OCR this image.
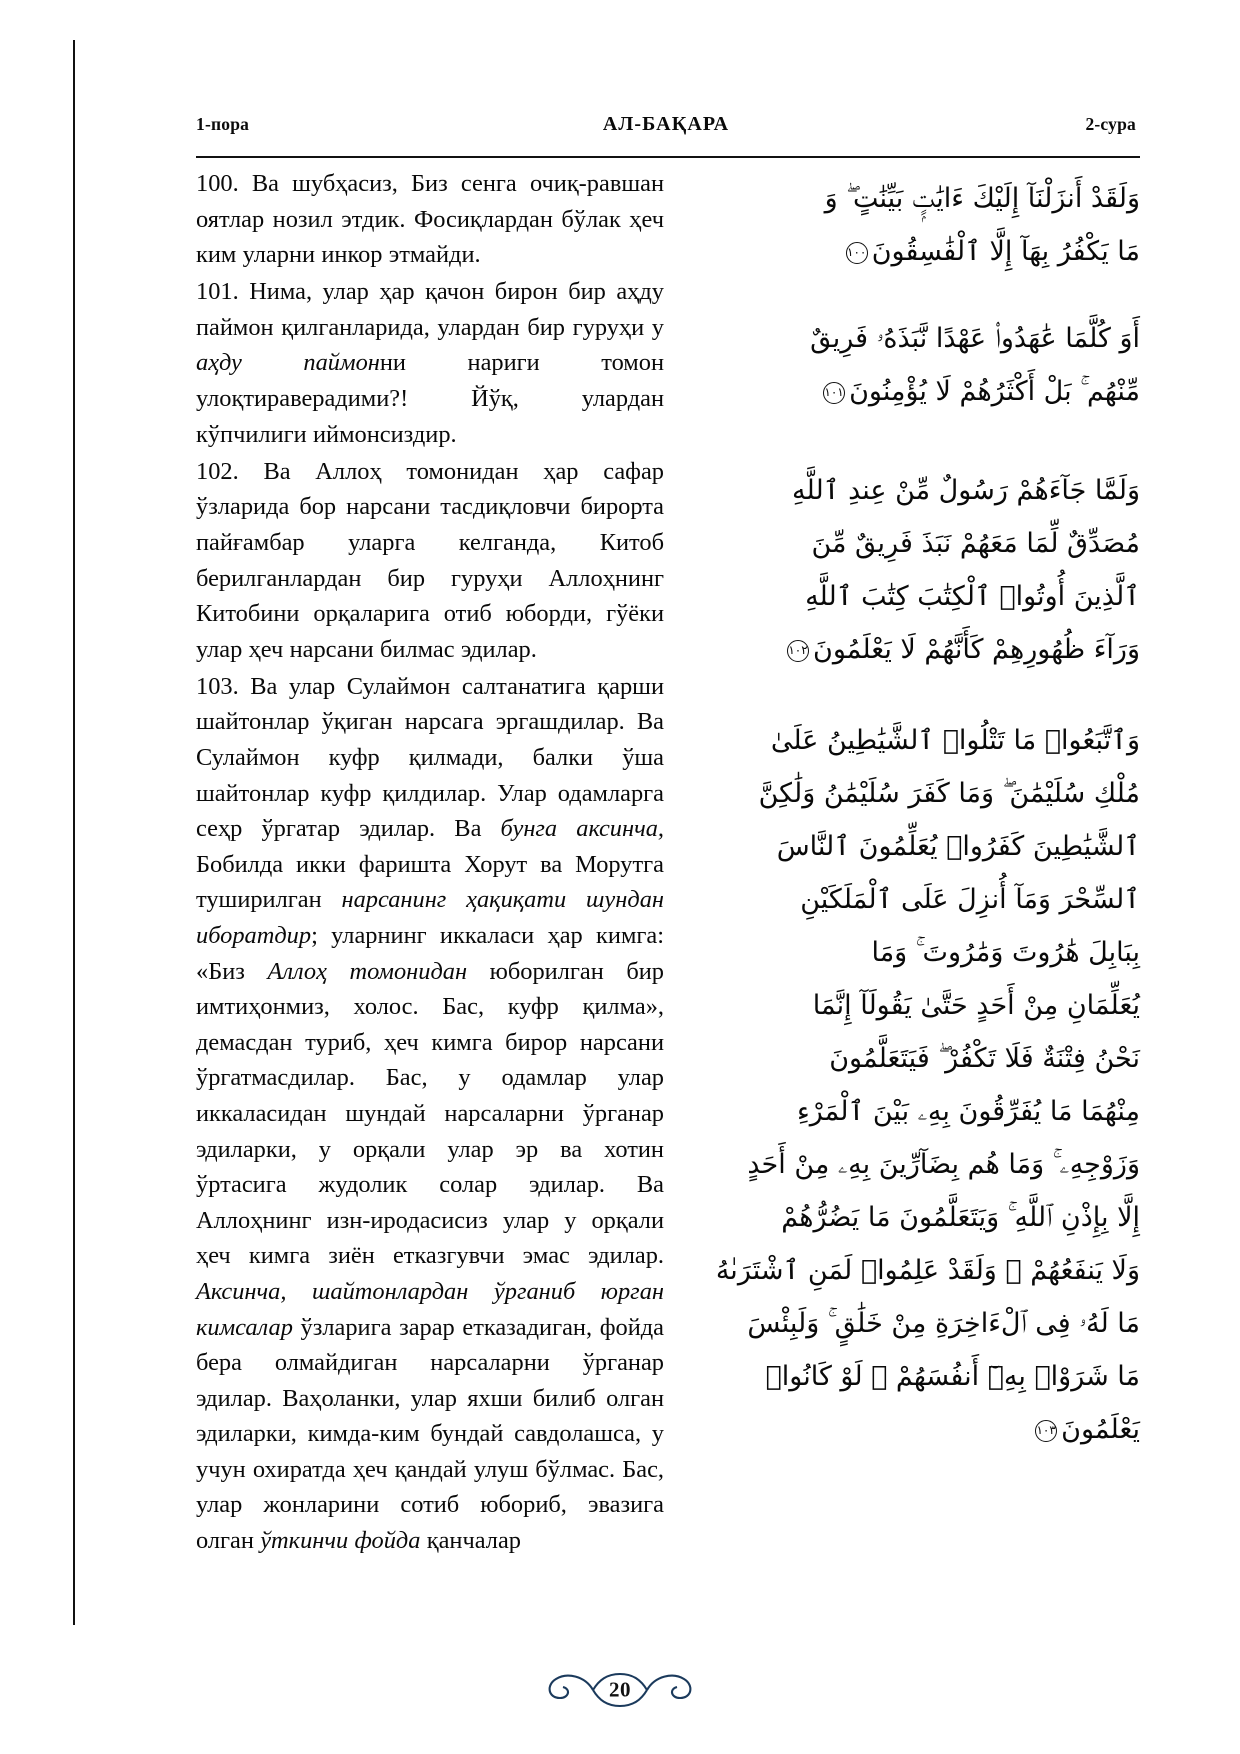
1-пора	АЛ-БАҚАРА	2-сура

100. Ва шубҳасиз, Биз сенга очиқ-равшан оятлар нозил этдик. Фосиқлардан бўлак ҳеч ким уларни инкор этмайди.

101. Нима, улар ҳар қачон бирон бир аҳду паймон қилганларида, улардан бир гуруҳи у аҳду паймонни нариги томон улоқтираверадими?! Йўқ, улардан кўпчилиги иймонсиздир.

102. Ва Аллоҳ томонидан ҳар сафар ўзларида бор нарсани тасдиқловчи бирорта пайғамбар уларга келганда, Китоб берилганлардан бир гуруҳи Аллоҳнинг Китобини орқаларига отиб юборди, гўёки улар ҳеч нарсани билмас эдилар.

103. Ва улар Сулаймон салтанатига қарши шайтонлар ўқиган нарсага эргашдилар. Ва Сулаймон куфр қилмади, балки ўша шайтонлар куфр қилдилар. Улар одамларга сеҳр ўргатар эдилар. Ва бунга аксинча, Бобилда икки фаришта Хорут ва Морутга туширилган нарсанинг ҳақиқати шундан иборатдир; уларнинг иккаласи ҳар кимга: «Биз Аллоҳ томонидан юборилган бир имтиҳонмиз, холос. Бас, куфр қилма», демасдан туриб, ҳеч кимга бирор нарсани ўргатмасдилар. Бас, у одамлар улар иккаласидан шундай нарсаларни ўрганар эдиларки, у орқали улар эр ва хотин ўртасига жудолик солар эдилар. Ва Аллоҳнинг изн-иродасисиз улар у орқали ҳеч кимга зиён етказгувчи эмас эдилар. Аксинча, шайтонлардан ўрганиб юрган кимсалар ўзларига зарар етказадиган, фойда бера олмайдиган нарсаларни ўрганар эдилар. Ваҳоланки, улар яхши билиб олган эдиларки, кимда-ким бундай савдолашса, у учун охиратда ҳеч қандай улуш бўлмас. Бас, улар жонларини сотиб юбориб, эвазига олган ўткинчи фойда қанчалар

وَلَقَدْ أَنزَلْنَآ إِلَيْكَ ءَايَٰتٍۭ بَيِّنَٰتٍ ۖ وَ
مَا يَكْفُرُ بِهَآ إِلَّا ٱلْفَٰسِقُونَ١٠٠
أَوَ كُلَّمَا عَٰهَدُوا۟ عَهْدًا نَّبَذَهُۥ فَرِيقٌ
مِّنْهُم ۚ بَلْ أَكْثَرُهُمْ لَا يُؤْمِنُونَ١٠١
وَلَمَّا جَآءَهُمْ رَسُولٌ مِّنْ عِندِ ٱللَّهِ
مُصَدِّقٌ لِّمَا مَعَهُمْ نَبَذَ فَرِيقٌ مِّنَ
ٱلَّذِينَ أُوتُوا۟ ٱلْكِتَٰبَ كِتَٰبَ ٱللَّهِ
وَرَآءَ ظُهُورِهِمْ كَأَنَّهُمْ لَا يَعْلَمُونَ١٠٢
وَٱتَّبَعُوا۟ مَا تَتْلُوا۟ ٱلشَّيَٰطِينُ عَلَىٰ
مُلْكِ سُلَيْمَٰنَ ۖ وَمَا كَفَرَ سُلَيْمَٰنُ وَلَٰكِنَّ
ٱلشَّيَٰطِينَ كَفَرُوا۟ يُعَلِّمُونَ ٱلنَّاسَ
ٱلسِّحْرَ وَمَآ أُنزِلَ عَلَى ٱلْمَلَكَيْنِ
بِبَابِلَ هَٰرُوتَ وَمَٰرُوتَ ۚ وَمَا
يُعَلِّمَانِ مِنْ أَحَدٍ حَتَّىٰ يَقُولَآ إِنَّمَا
نَحْنُ فِتْنَةٌ فَلَا تَكْفُرْ ۖ فَيَتَعَلَّمُونَ
مِنْهُمَا مَا يُفَرِّقُونَ بِهِۦ بَيْنَ ٱلْمَرْءِ
وَزَوْجِهِۦ ۚ وَمَا هُم بِضَآرِّينَ بِهِۦ مِنْ أَحَدٍ
إِلَّا بِإِذْنِ ٱللَّهِ ۚ وَيَتَعَلَّمُونَ مَا يَضُرُّهُمْ
وَلَا يَنفَعُهُمْ ۚ وَلَقَدْ عَلِمُوا۟ لَمَنِ ٱشْتَرَىٰهُ
مَا لَهُۥ فِى ٱلْءَاخِرَةِ مِنْ خَلَٰقٍ ۚ وَلَبِئْسَ
مَا شَرَوْا۟ بِهِۦٓ أَنفُسَهُمْ ۚ لَوْ كَانُوا۟
يَعْلَمُونَ١٠٣
20
